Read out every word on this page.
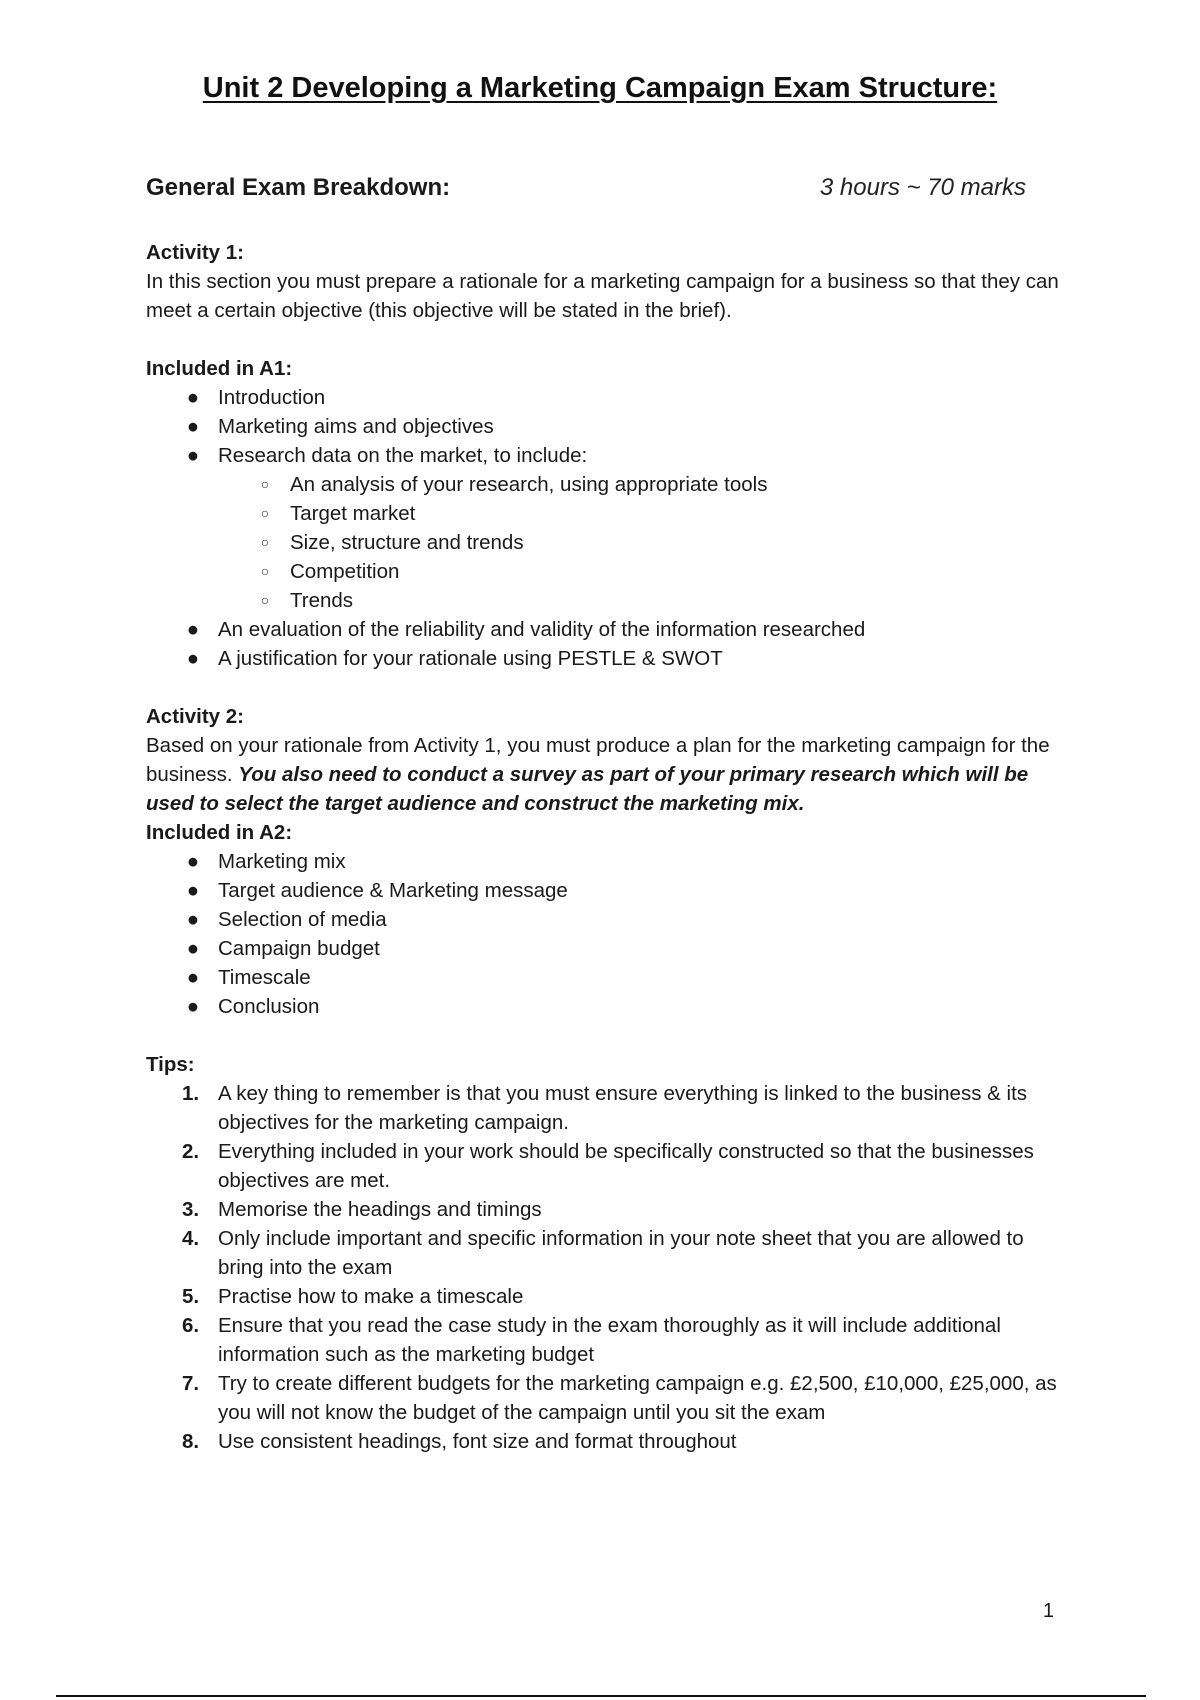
Unit 2 Developing a Marketing Campaign Exam Structure:
General Exam Breakdown:	3 hours ~ 70 marks
Activity 1:

In this section you must prepare a rationale for a marketing campaign for a business so that they can meet a certain objective (this objective will be stated in the brief).

Included in A1:
● Introduction
● Marketing aims and objectives
● Research data on the market, to include:
○ An analysis of your research, using appropriate tools
○ Target market
○ Size, structure and trends
○ Competition
○ Trends
● An evaluation of the reliability and validity of the information researched
● A justification for your rationale using PESTLE & SWOT
Activity 2:

Based on your rationale from Activity 1, you must produce a plan for the marketing campaign for the business. You also need to conduct a survey as part of your primary research which will be used to select the target audience and construct the marketing mix.

Included in A2:
● Marketing mix
● Target audience & Marketing message
● Selection of media
● Campaign budget
● Timescale
● Conclusion
Tips:
1. A key thing to remember is that you must ensure everything is linked to the business & its objectives for the marketing campaign.
2. Everything included in your work should be specifically constructed so that the businesses objectives are met.
3. Memorise the headings and timings
4. Only include important and specific information in your note sheet that you are allowed to bring into the exam
5. Practise how to make a timescale
6. Ensure that you read the case study in the exam thoroughly as it will include additional information such as the marketing budget
7. Try to create different budgets for the marketing campaign e.g. £2,500, £10,000, £25,000, as you will not know the budget of the campaign until you sit the exam
8. Use consistent headings, font size and format throughout
1
